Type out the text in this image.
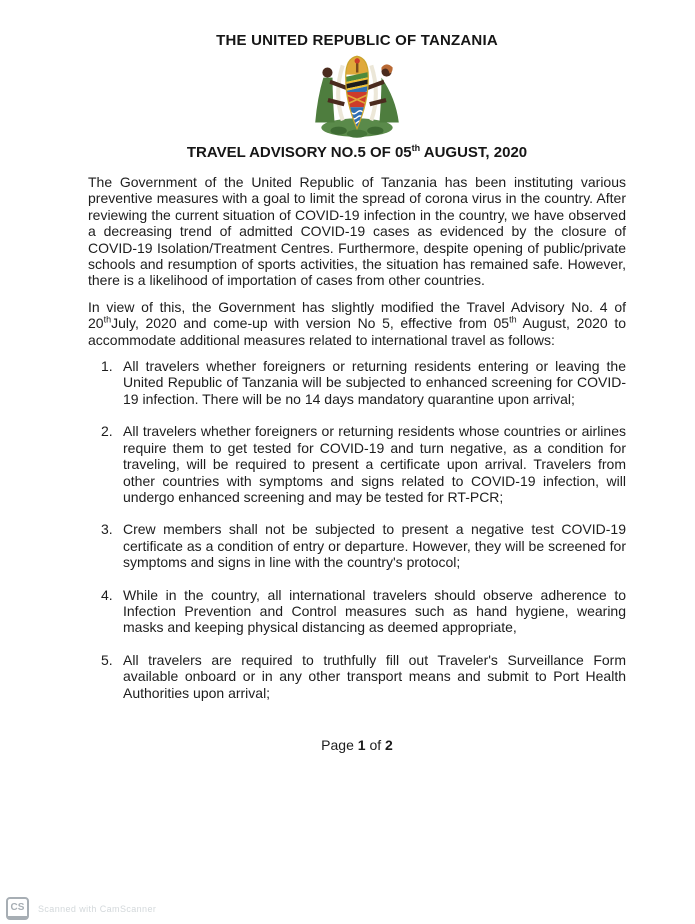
THE UNITED REPUBLIC OF TANZANIA
TRAVEL ADVISORY NO.5 OF 05th AUGUST, 2020

The Government of the United Republic of Tanzania has been instituting various preventive measures with a goal to limit the spread of corona virus in the country. After reviewing the current situation of COVID-19 infection in the country, we have observed a decreasing trend of admitted COVID-19 cases as evidenced by the closure of COVID-19 Isolation/Treatment Centres. Furthermore, despite opening of public/private schools and resumption of sports activities, the situation has remained safe. However, there is a likelihood of importation of cases from other countries.

In view of this, the Government has slightly modified the Travel Advisory No. 4 of 20thJuly, 2020 and come-up with version No 5, effective from 05th August, 2020 to accommodate additional measures related to international travel as follows:

1. All travelers whether foreigners or returning residents entering or leaving the United Republic of Tanzania will be subjected to enhanced screening for COVID-19 infection. There will be no 14 days mandatory quarantine upon arrival;
2. All travelers whether foreigners or returning residents whose countries or airlines require them to get tested for COVID-19 and turn negative, as a condition for traveling, will be required to present a certificate upon arrival. Travelers from other countries with symptoms and signs related to COVID-19 infection, will undergo enhanced screening and may be tested for RT-PCR;
3. Crew members shall not be subjected to present a negative test COVID-19 certificate as a condition of entry or departure. However, they will be screened for symptoms and signs in line with the country's protocol;
4. While in the country, all international travelers should observe adherence to Infection Prevention and Control measures such as hand hygiene, wearing masks and keeping physical distancing as deemed appropriate,
5. All travelers are required to truthfully fill out Traveler's Surveillance Form available onboard or in any other transport means and submit to Port Health Authorities upon arrival;
Page 1 of 2
CS	Scanned with CamScanner
